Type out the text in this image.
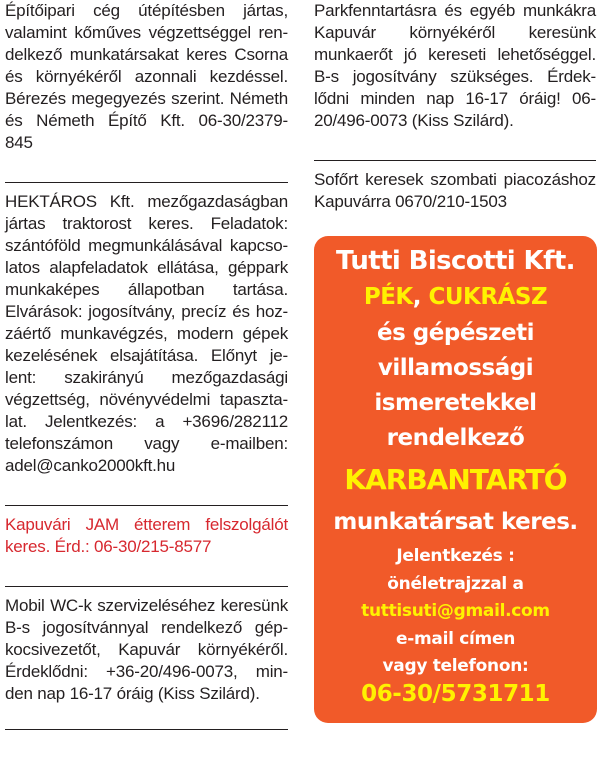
Építőipari cég útépítésben jártas,
valamint kőműves végzettséggel ren-
delkező munkatársakat keres Csorna
és környékéről azonnali kezdéssel.
Bérezés megegyezés szerint. Németh
és Németh Építő Kft. 06-30/2379-
845

HEKTÁROS Kft. mezőgazdaságban
jártas traktorost keres. Feladatok:
szántóföld megmunkálásával kapcso-
latos alapfeladatok ellátása, géppark
munkaképes állapotban tartása.
Elvárások: jogosítvány, precíz és hoz-
záértő munkavégzés, modern gépek
kezelésének elsajátítása. Előnyt je-
lent: szakirányú mezőgazdasági
végzettség, növényvédelmi tapaszta-
lat. Jelentkezés: a +3696/282112
telefonszámon vagy e-mailben:
adel@canko2000kft.hu

Kapuvári JAM étterem felszolgálót
keres. Érd.: 06-30/215-8577

Mobil WC-k szervizeléséhez keresünk
B-s jogosítvánnyal rendelkező gép-
kocsivezetőt, Kapuvár környékéről.
Érdeklődni: +36-20/496-0073, min-
den nap 16-17 óráig (Kiss Szilárd).

Parkfenntartásra és egyéb munkákra
Kapuvár környékéről keresünk
munkaerőt jó kereseti lehetőséggel.
B-s jogosítvány szükséges. Érdek-
lődni minden nap 16-17 óráig! 06-
20/496-0073 (Kiss Szilárd).

Sofőrt keresek szombati piacozáshoz
Kapuvárra 0670/210-1503

Tutti Biscotti Kft.
PÉK, CUKRÁSZ
és gépészeti
villamossági
ismeretekkel
rendelkező
KARBANTARTÓ
munkatársat keres.
Jelentkezés :
önéletrajzzal a
tuttisuti@gmail.com
e-mail címen
vagy telefonon:
06-30/5731711
